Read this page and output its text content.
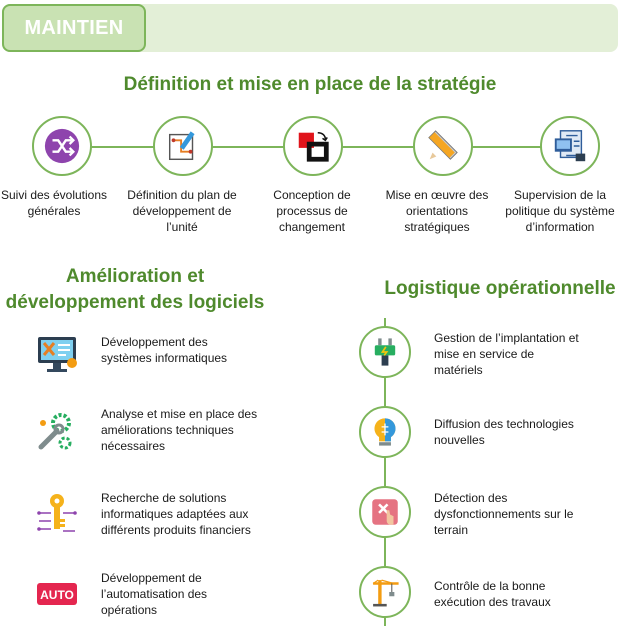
MAINTIEN
Définition et mise en place de la stratégie
Suivi des évolutions générales
Définition du plan de développement de l’unité
Conception de processus de changement
Mise en œuvre des orientations stratégiques
Supervision de la politique du système d’information
Amélioration et
développement des logiciels
AUTO
Développement des systèmes informatiques
Analyse et mise en place des améliorations techniques nécessaires
Recherche de solutions informatiques adaptées aux différents produits financiers
Développement de l’automatisation des opérations
Logistique opérationnelle
Gestion de l’implantation et mise en service de matériels
Diffusion des technologies nouvelles
Détection des dysfonctionnements sur le terrain
Contrôle de la bonne exécution des travaux
